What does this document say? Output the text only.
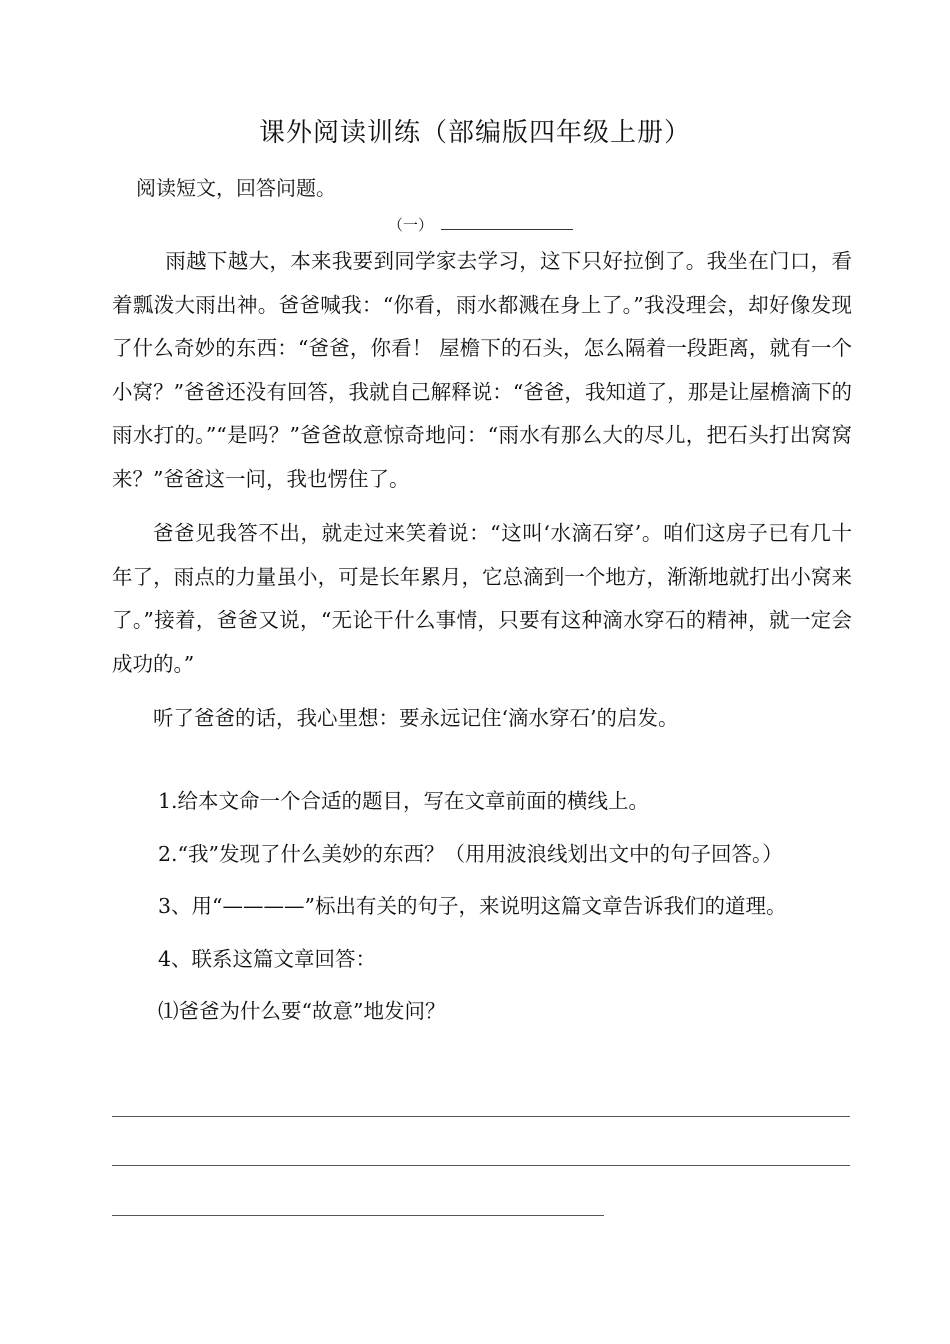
课外阅读训练（部编版四年级上册）
阅读短文，回答问题。
（一）

雨越下越大，本来我要到同学家去学习，这下只好拉倒了。我坐在门口，看着瓢泼大雨出神。爸爸喊我：“你看，雨水都溅在身上了。”我没理会，却好像发现了什么奇妙的东西：“爸爸，你看！ 屋檐下的石头，怎么隔着一段距离，就有一个小窝？”爸爸还没有回答，我就自己解释说：“爸爸，我知道了，那是让屋檐滴下的雨水打的。”“是吗？”爸爸故意惊奇地问：“雨水有那么大的尽儿，把石头打出窝窝来？”爸爸这一问，我也愣住了。

爸爸见我答不出，就走过来笑着说：“这叫‘水滴石穿’。咱们这房子已有几十年了，雨点的力量虽小，可是长年累月，它总滴到一个地方，渐渐地就打出小窝来了。”接着，爸爸又说，“无论干什么事情，只要有这种滴水穿石的精神，就一定会成功的。”

听了爸爸的话，我心里想：要永远记住‘滴水穿石’的启发。

1.给本文命一个合适的题目，写在文章前面的横线上。
2.“我”发现了什么美妙的东西？（用用波浪线划出文中的句子回答。）
3、用“————”标出有关的句子，来说明这篇文章告诉我们的道理。
4、联系这篇文章回答：
⑴爸爸为什么要“故意”地发问？
